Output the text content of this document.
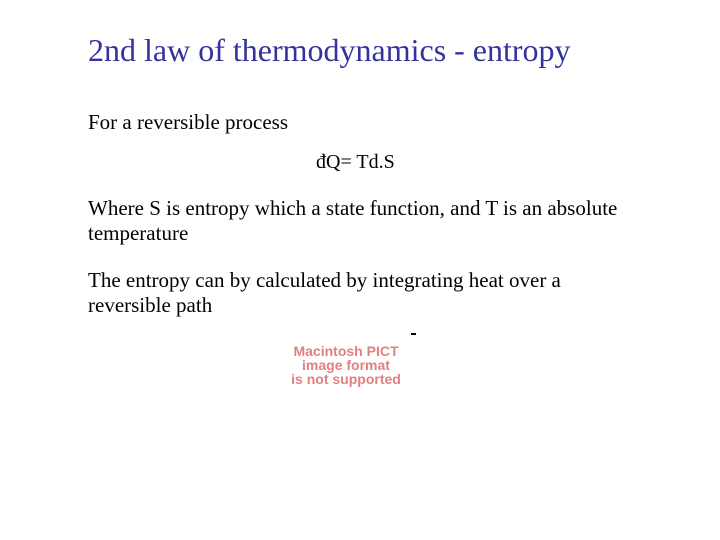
2nd law of thermodynamics - entropy
For a reversible process
đQ= Td.S
Where S is entropy which a state function, and T is an absolute temperature
The entropy can by calculated by integrating heat over a reversible path
Macintosh PICT
image format
is not supported
